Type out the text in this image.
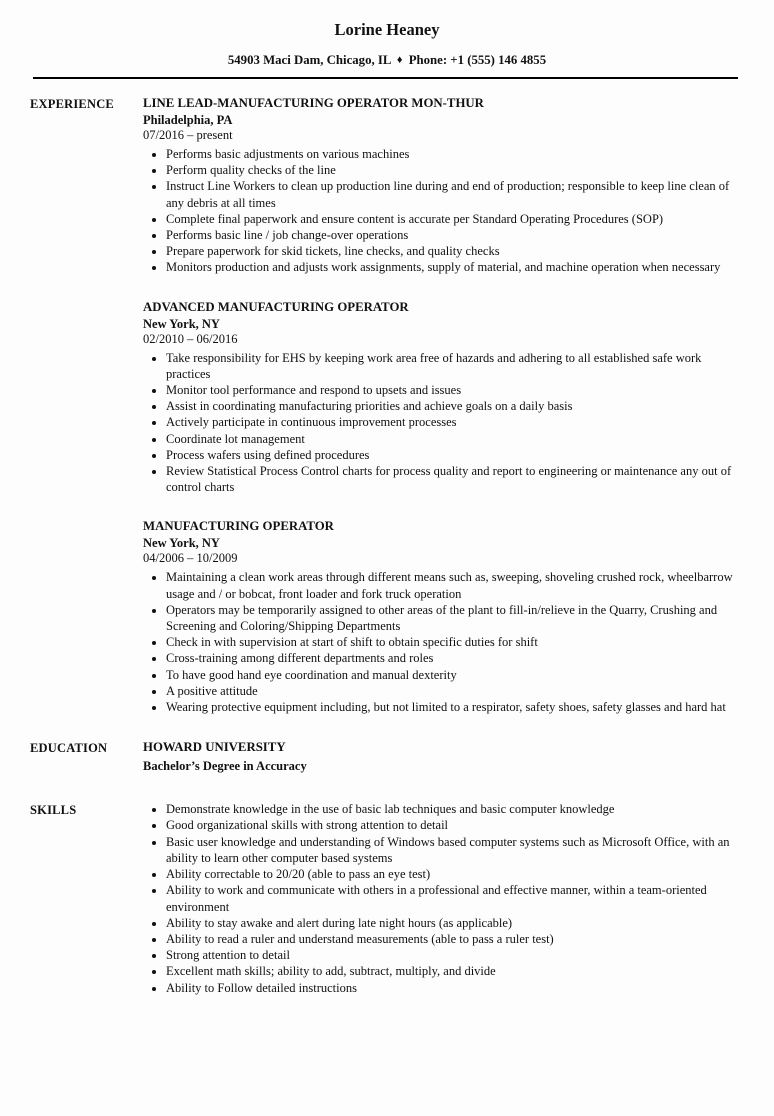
Lorine Heaney
54903 Maci Dam, Chicago, IL ♦ Phone: +1 (555) 146 4855
EXPERIENCE	LINE LEAD-MANUFACTURING OPERATOR MON-THUR
Philadelphia, PA
07/2016 – present
• Performs basic adjustments on various machines
• Perform quality checks of the line
• Instruct Line Workers to clean up production line during and end of production; responsible to keep line clean of any debris at all times
• Complete final paperwork and ensure content is accurate per Standard Operating Procedures (SOP)
• Performs basic line / job change-over operations
• Prepare paperwork for skid tickets, line checks, and quality checks
• Monitors production and adjusts work assignments, supply of material, and machine operation when necessary
ADVANCED MANUFACTURING OPERATOR
New York, NY
02/2010 – 06/2016
• Take responsibility for EHS by keeping work area free of hazards and adhering to all established safe work practices
• Monitor tool performance and respond to upsets and issues
• Assist in coordinating manufacturing priorities and achieve goals on a daily basis
• Actively participate in continuous improvement processes
• Coordinate lot management
• Process wafers using defined procedures
• Review Statistical Process Control charts for process quality and report to engineering or maintenance any out of control charts
MANUFACTURING OPERATOR
New York, NY
04/2006 – 10/2009
• Maintaining a clean work areas through different means such as, sweeping, shoveling crushed rock, wheelbarrow usage and / or bobcat, front loader and fork truck operation
• Operators may be temporarily assigned to other areas of the plant to fill-in/relieve in the Quarry, Crushing and Screening and Coloring/Shipping Departments
• Check in with supervision at start of shift to obtain specific duties for shift
• Cross-training among different departments and roles
• To have good hand eye coordination and manual dexterity
• A positive attitude
• Wearing protective equipment including, but not limited to a respirator, safety shoes, safety glasses and hard hat
EDUCATION	HOWARD UNIVERSITY
Bachelor’s Degree in Accuracy
SKILLS	• Demonstrate knowledge in the use of basic lab techniques and basic computer knowledge
• Good organizational skills with strong attention to detail
• Basic user knowledge and understanding of Windows based computer systems such as Microsoft Office, with an ability to learn other computer based systems
• Ability correctable to 20/20 (able to pass an eye test)
• Ability to work and communicate with others in a professional and effective manner, within a team-oriented environment
• Ability to stay awake and alert during late night hours (as applicable)
• Ability to read a ruler and understand measurements (able to pass a ruler test)
• Strong attention to detail
• Excellent math skills; ability to add, subtract, multiply, and divide
• Ability to Follow detailed instructions
